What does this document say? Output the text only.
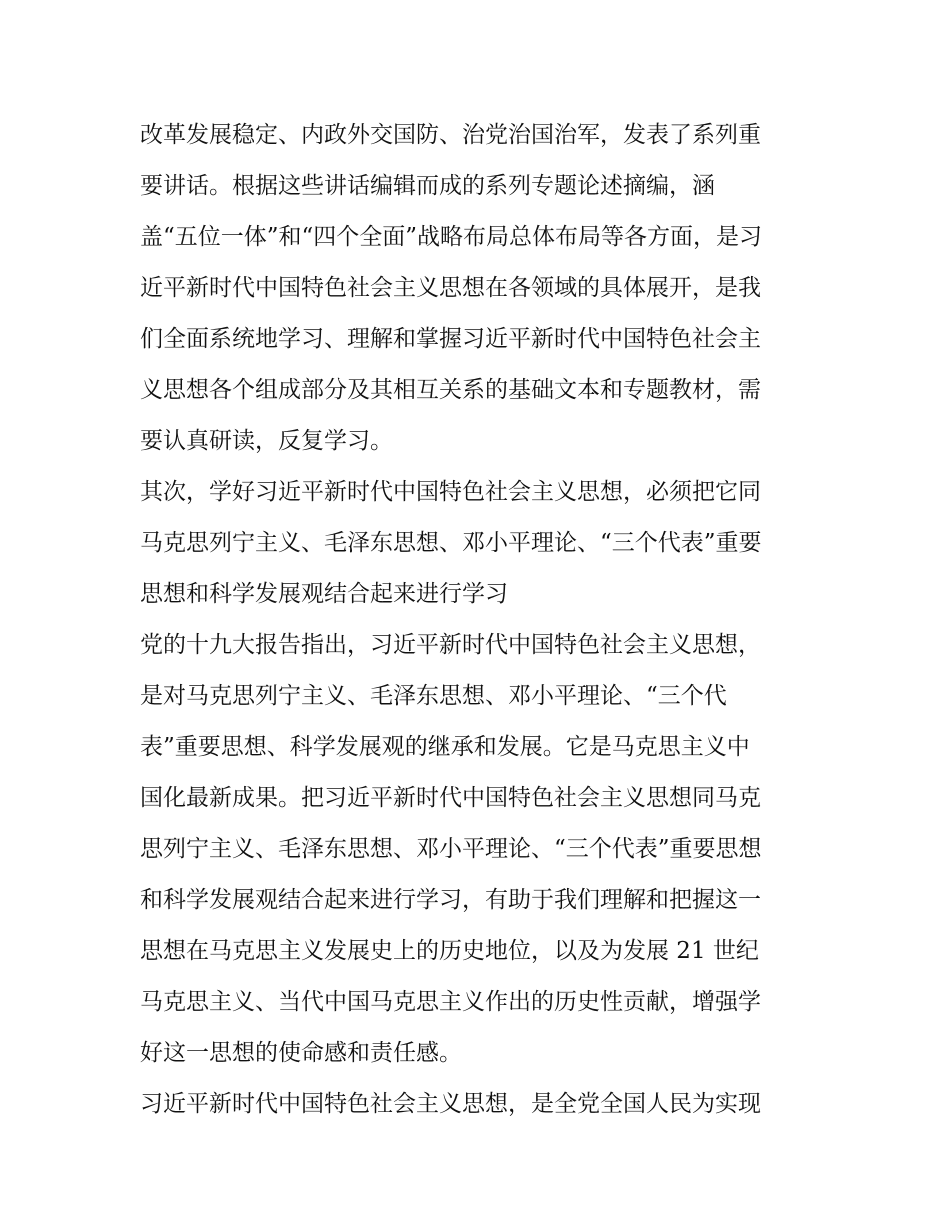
改革发展稳定、内政外交国防、治党治国治军，发表了系列重
要讲话。根据这些讲话编辑而成的系列专题论述摘编，涵
盖“五位一体”和“四个全面”战略布局总体布局等各方面，是习
近平新时代中国特色社会主义思想在各领域的具体展开，是我
们全面系统地学习、理解和掌握习近平新时代中国特色社会主
义思想各个组成部分及其相互关系的基础文本和专题教材，需
要认真研读，反复学习。
其次，学好习近平新时代中国特色社会主义思想，必须把它同
马克思列宁主义、毛泽东思想、邓小平理论、“三个代表”重要
思想和科学发展观结合起来进行学习
党的十九大报告指出，习近平新时代中国特色社会主义思想，
是对马克思列宁主义、毛泽东思想、邓小平理论、“三个代
表”重要思想、科学发展观的继承和发展。它是马克思主义中
国化最新成果。把习近平新时代中国特色社会主义思想同马克
思列宁主义、毛泽东思想、邓小平理论、“三个代表”重要思想
和科学发展观结合起来进行学习，有助于我们理解和把握这一
思想在马克思主义发展史上的历史地位，以及为发展 21 世纪
马克思主义、当代中国马克思主义作出的历史性贡献，增强学
好这一思想的使命感和责任感。
习近平新时代中国特色社会主义思想，是全党全国人民为实现
